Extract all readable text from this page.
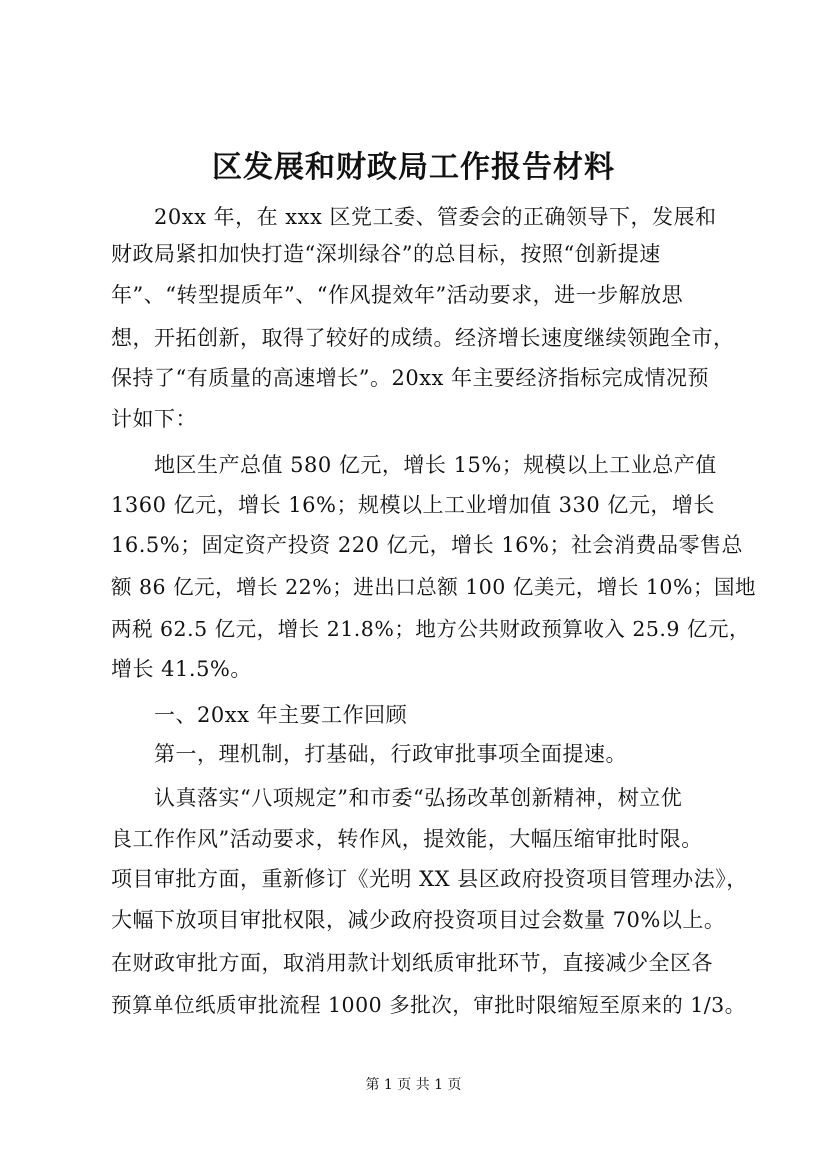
区发展和财政局工作报告材料
　　20xx 年，在 xxx 区党工委、管委会的正确领导下，发展和
财政局紧扣加快打造“深圳绿谷”的总目标，按照“创新提速
年”、“转型提质年”、“作风提效年”活动要求，进一步解放思
想，开拓创新，取得了较好的成绩。经济增长速度继续领跑全市，
保持了“有质量的高速增长”。20xx 年主要经济指标完成情况预
计如下：
　　地区生产总值 580 亿元，增长 15%；规模以上工业总产值
1360 亿元，增长 16%；规模以上工业增加值 330 亿元，增长
16.5%；固定资产投资 220 亿元，增长 16%；社会消费品零售总
额 86 亿元，增长 22%；进出口总额 100 亿美元，增长 10%；国地
两税 62.5 亿元，增长 21.8%；地方公共财政预算收入 25.9 亿元，
增长 41.5%。
　　一、20xx 年主要工作回顾
　　第一，理机制，打基础，行政审批事项全面提速。
　　认真落实“八项规定”和市委“弘扬改革创新精神，树立优
良工作作风”活动要求，转作风，提效能，大幅压缩审批时限。
项目审批方面，重新修订《光明 XX 县区政府投资项目管理办法》，
大幅下放项目审批权限，减少政府投资项目过会数量 70%以上。
在财政审批方面，取消用款计划纸质审批环节，直接减少全区各
预算单位纸质审批流程 1000 多批次，审批时限缩短至原来的 1/3。
第 1 页 共 1 页
